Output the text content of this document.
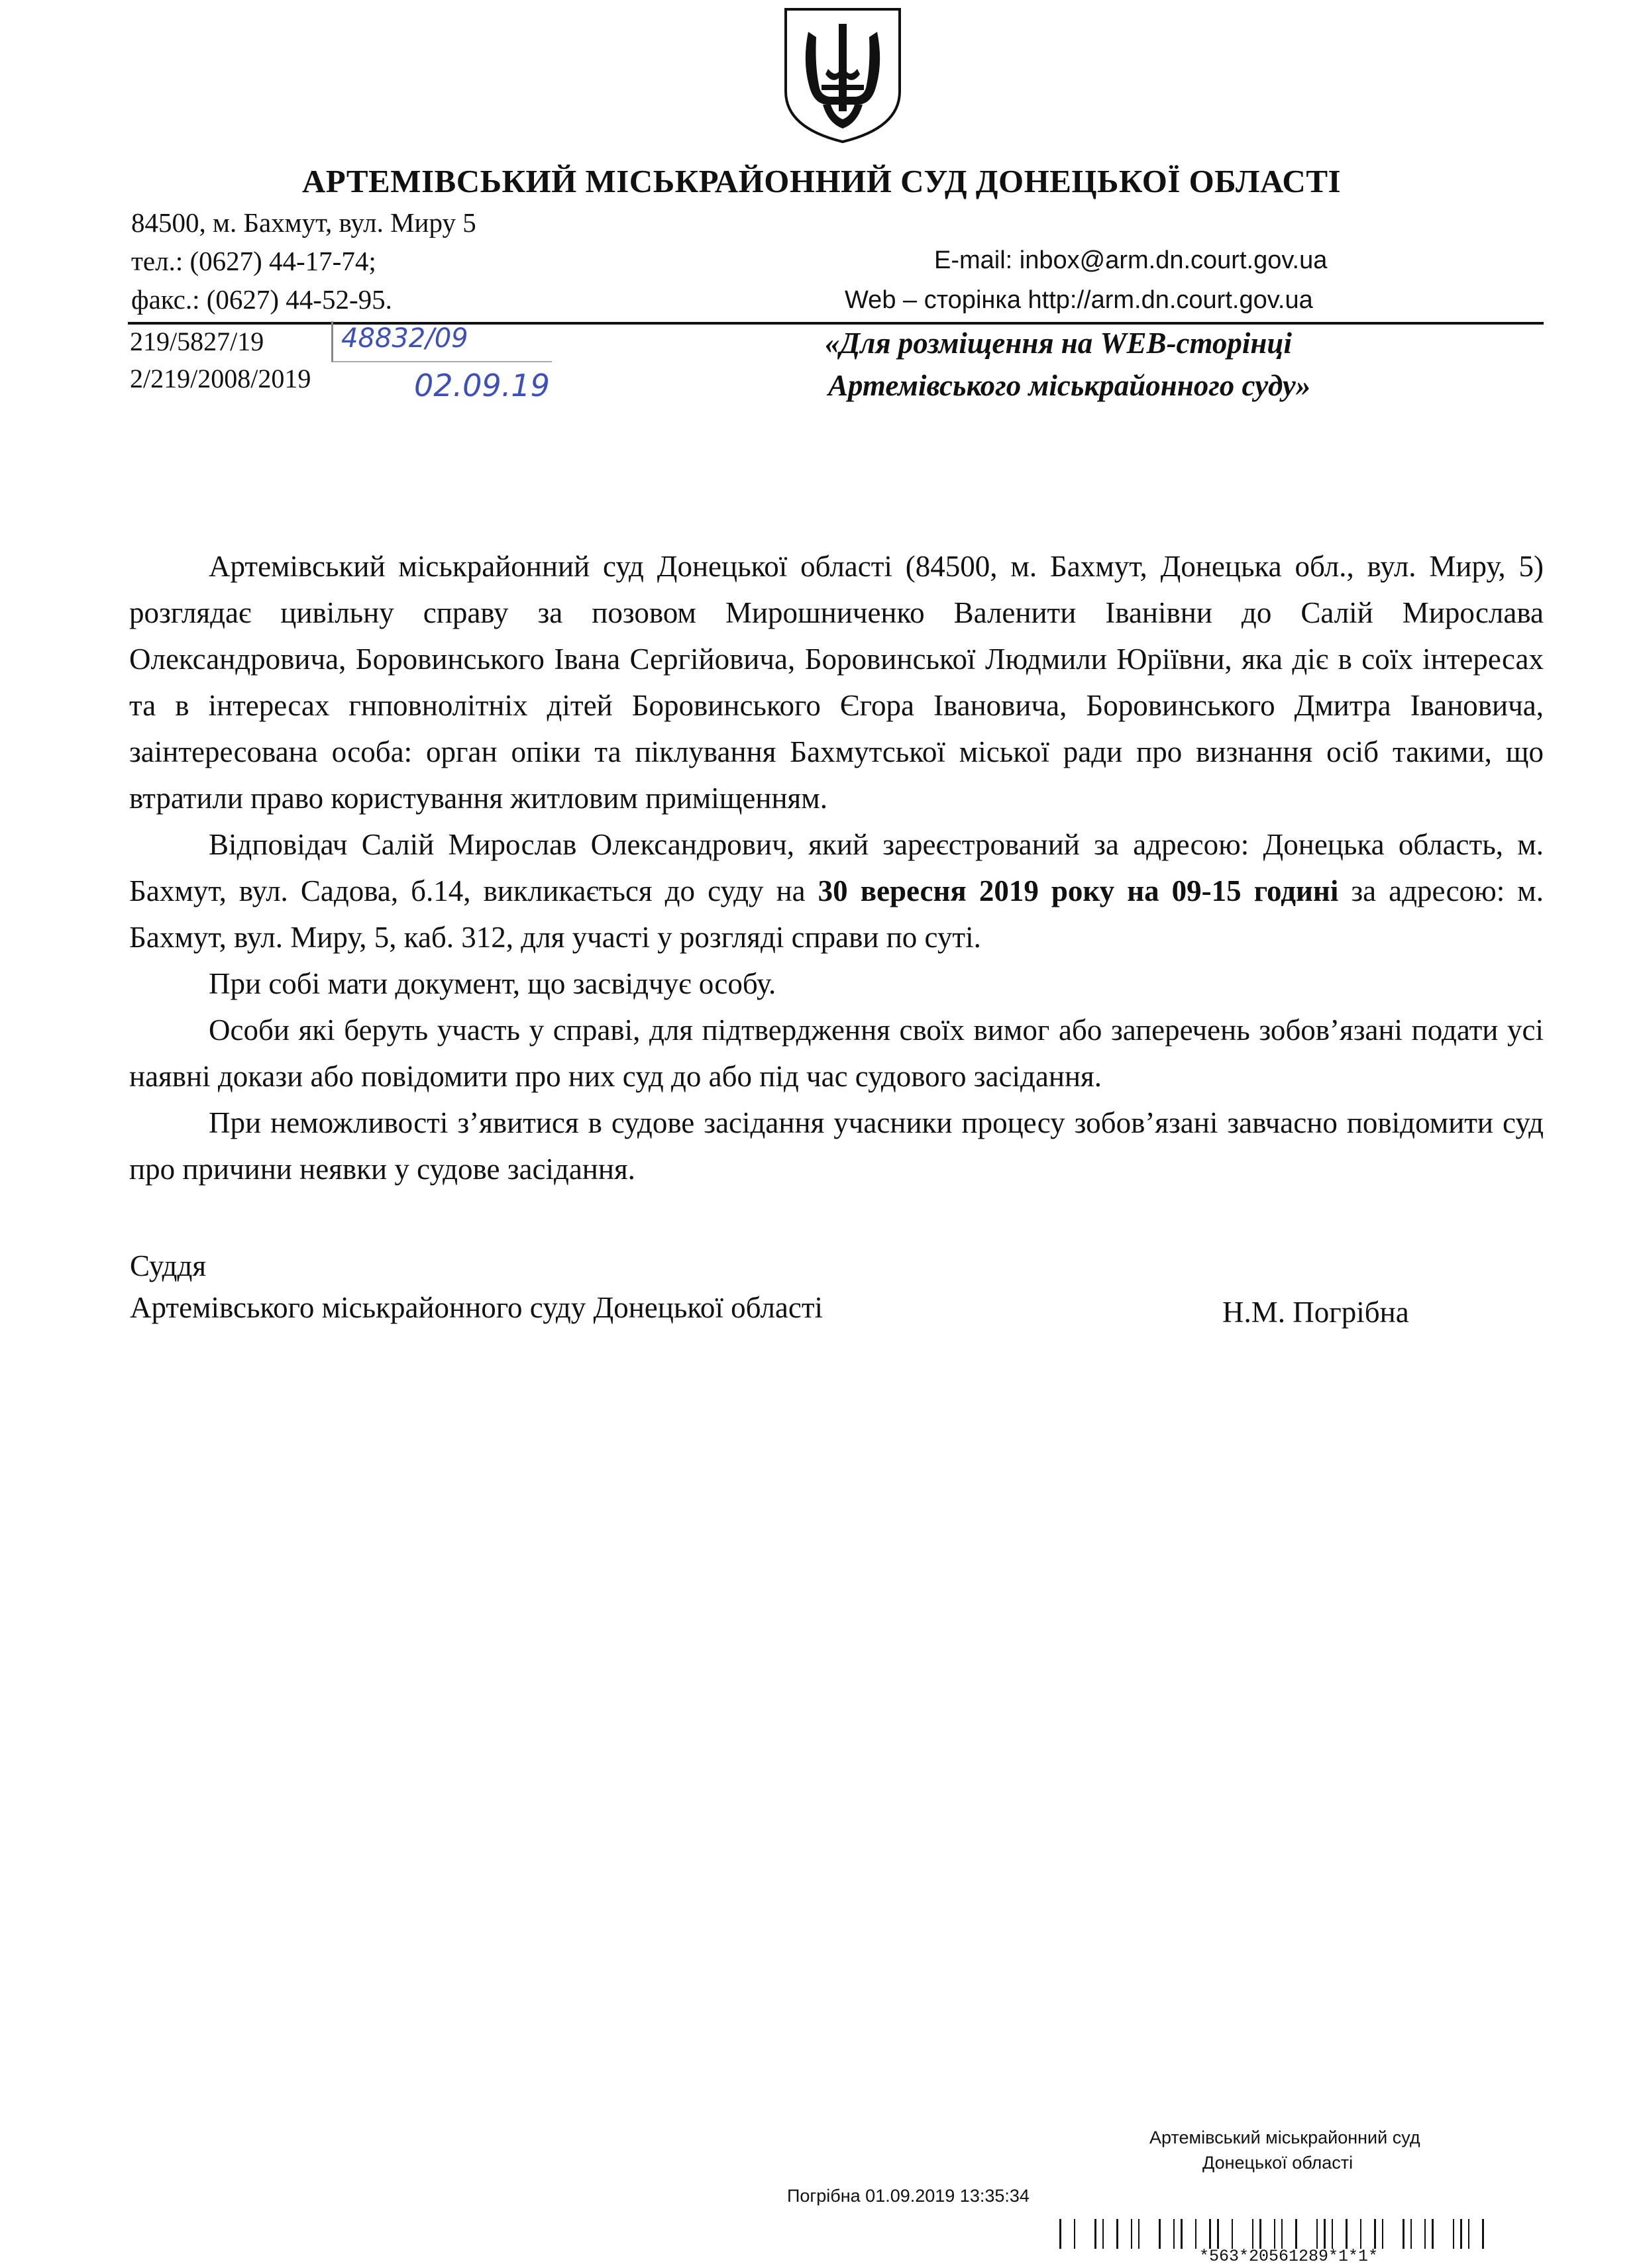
АРТЕМІВСЬКИЙ МІСЬКРАЙОННИЙ СУД ДОНЕЦЬКОЇ ОБЛАСТІ
84500, м. Бахмут, вул. Миру 5
тел.: (0627) 44-17-74;
факс.: (0627) 44-52-95.
E-mail: inbox@arm.dn.court.gov.ua
Web – сторінка http://arm.dn.court.gov.ua
219/5827/19
2/219/2008/2019
48832/09
02.09.19
«Для розміщення на WEB-сторінці
Артемівського міськрайонного суду»

Артемівський міськрайонний суд Донецької області (84500, м. Бахмут, Донецька обл., вул. Миру, 5) розглядає цивільну справу за позовом Мирошниченко Валенити Іванівни до Салій Мирослава Олександровича, Боровинського Івана Сергійовича, Боровинської Людмили Юріївни, яка діє в соїх інтересах та в інтересах гнповнолітніх дітей Боровинського Єгора Івановича, Боровинського Дмитра Івановича, заінтересована особа: орган опіки та піклування Бахмутської міської ради про визнання осіб такими, що втратили право користування житловим приміщенням.

Відповідач Салій Мирослав Олександрович, який зареєстрований за адресою: Донецька область, м. Бахмут, вул. Садова, б.14, викликається до суду на 30 вересня 2019 року на 09-15 годині за адресою: м. Бахмут, вул. Миру, 5, каб. 312, для участі у розгляді справи по суті.

При собі мати документ, що засвідчує особу.

Особи які беруть участь у справі, для підтвердження своїх вимог або заперечень зобов’язані подати усі наявні докази або повідомити про них суд до або під час судового засідання.

При неможливості з’явитися в судове засідання учасники процесу зобов’язані завчасно повідомити суд про причини неявки у судове засідання.

Суддя
Артемівського міськрайонного суду Донецької області	Н.М. Погрібна
Артемівський міськрайонний суд
Донецької області
Погрібна 01.09.2019 13:35:34
*563*20561289*1*1*
